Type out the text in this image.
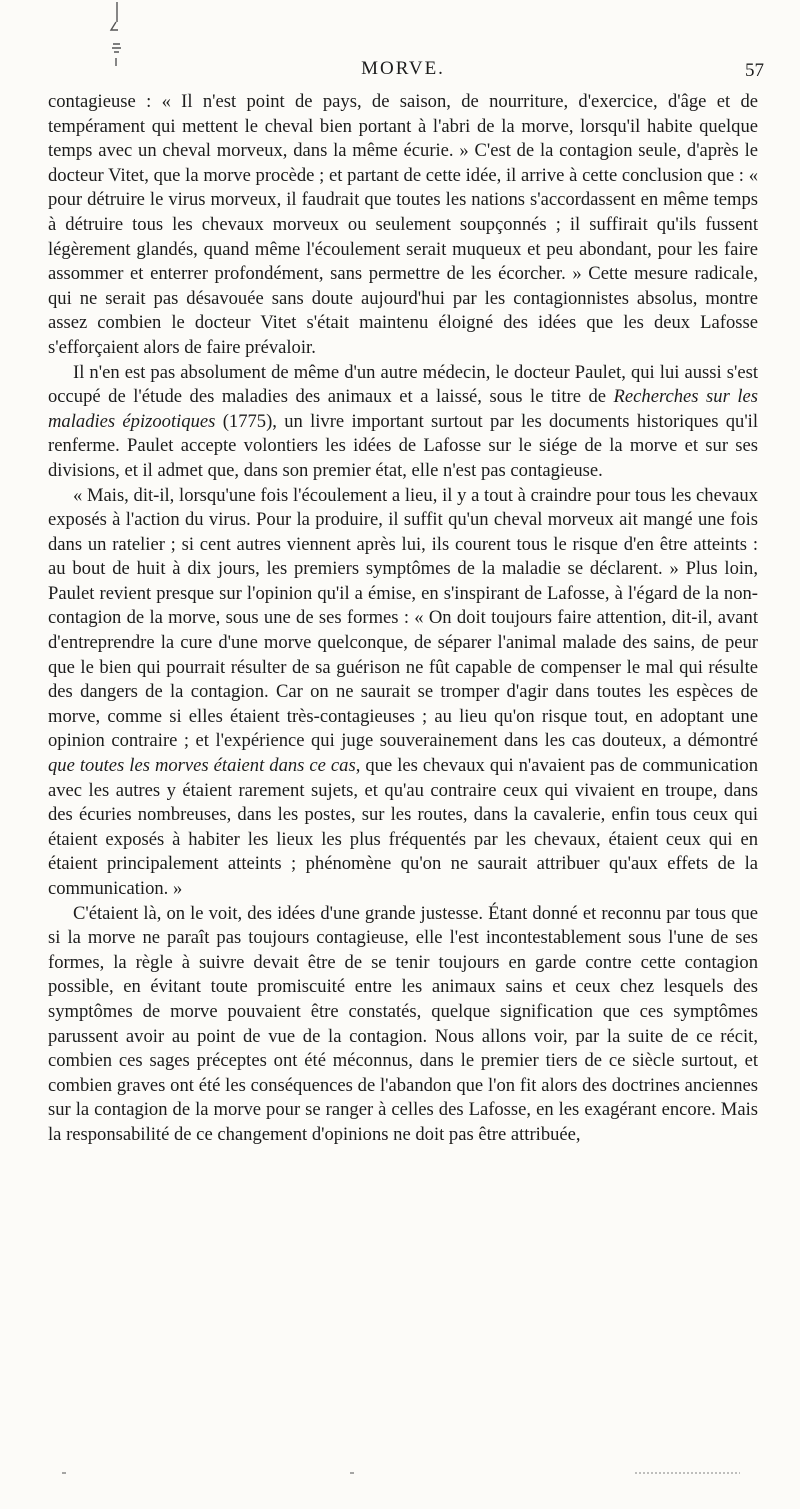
MORVE.	57

contagieuse : « Il n'est point de pays, de saison, de nourriture, d'exercice, d'âge et de tempérament qui mettent le cheval bien portant à l'abri de la morve, lorsqu'il habite quelque temps avec un cheval morveux, dans la même écurie. » C'est de la contagion seule, d'après le docteur Vitet, que la morve procède ; et partant de cette idée, il arrive à cette conclusion que : « pour détruire le virus morveux, il faudrait que toutes les nations s'accordassent en même temps à détruire tous les chevaux morveux ou seulement soupçonnés ; il suffirait qu'ils fussent légèrement glandés, quand même l'écoulement serait muqueux et peu abondant, pour les faire assommer et enterrer profondément, sans permettre de les écorcher. » Cette mesure radicale, qui ne serait pas désavouée sans doute aujourd'hui par les contagionnistes absolus, montre assez combien le docteur Vitet s'était maintenu éloigné des idées que les deux Lafosse s'efforçaient alors de faire prévaloir.

Il n'en est pas absolument de même d'un autre médecin, le docteur Paulet, qui lui aussi s'est occupé de l'étude des maladies des animaux et a laissé, sous le titre de Recherches sur les maladies épizootiques (1775), un livre important surtout par les documents historiques qu'il renferme. Paulet accepte volontiers les idées de Lafosse sur le siége de la morve et sur ses divisions, et il admet que, dans son premier état, elle n'est pas contagieuse.

« Mais, dit-il, lorsqu'une fois l'écoulement a lieu, il y a tout à craindre pour tous les chevaux exposés à l'action du virus. Pour la produire, il suffit qu'un cheval morveux ait mangé une fois dans un ratelier ; si cent autres viennent après lui, ils courent tous le risque d'en être atteints : au bout de huit à dix jours, les premiers symptômes de la maladie se déclarent. » Plus loin, Paulet revient presque sur l'opinion qu'il a émise, en s'inspirant de Lafosse, à l'égard de la non-contagion de la morve, sous une de ses formes : « On doit toujours faire attention, dit-il, avant d'entreprendre la cure d'une morve quelconque, de séparer l'animal malade des sains, de peur que le bien qui pourrait résulter de sa guérison ne fût capable de compenser le mal qui résulte des dangers de la contagion. Car on ne saurait se tromper d'agir dans toutes les espèces de morve, comme si elles étaient très-contagieuses ; au lieu qu'on risque tout, en adoptant une opinion contraire ; et l'expérience qui juge souverainement dans les cas douteux, a démontré que toutes les morves étaient dans ce cas, que les chevaux qui n'avaient pas de communication avec les autres y étaient rarement sujets, et qu'au contraire ceux qui vivaient en troupe, dans des écuries nombreuses, dans les postes, sur les routes, dans la cavalerie, enfin tous ceux qui étaient exposés à habiter les lieux les plus fréquentés par les chevaux, étaient ceux qui en étaient principalement atteints ; phénomène qu'on ne saurait attribuer qu'aux effets de la communication. »

C'étaient là, on le voit, des idées d'une grande justesse. Étant donné et reconnu par tous que si la morve ne paraît pas toujours contagieuse, elle l'est incontestablement sous l'une de ses formes, la règle à suivre devait être de se tenir toujours en garde contre cette contagion possible, en évitant toute promiscuité entre les animaux sains et ceux chez lesquels des symptômes de morve pouvaient être constatés, quelque signification que ces symptômes parussent avoir au point de vue de la contagion. Nous allons voir, par la suite de ce récit, combien ces sages préceptes ont été méconnus, dans le premier tiers de ce siècle surtout, et combien graves ont été les conséquences de l'abandon que l'on fit alors des doctrines anciennes sur la contagion de la morve pour se ranger à celles des Lafosse, en les exagérant encore. Mais la responsabilité de ce changement d'opinions ne doit pas être attribuée,
